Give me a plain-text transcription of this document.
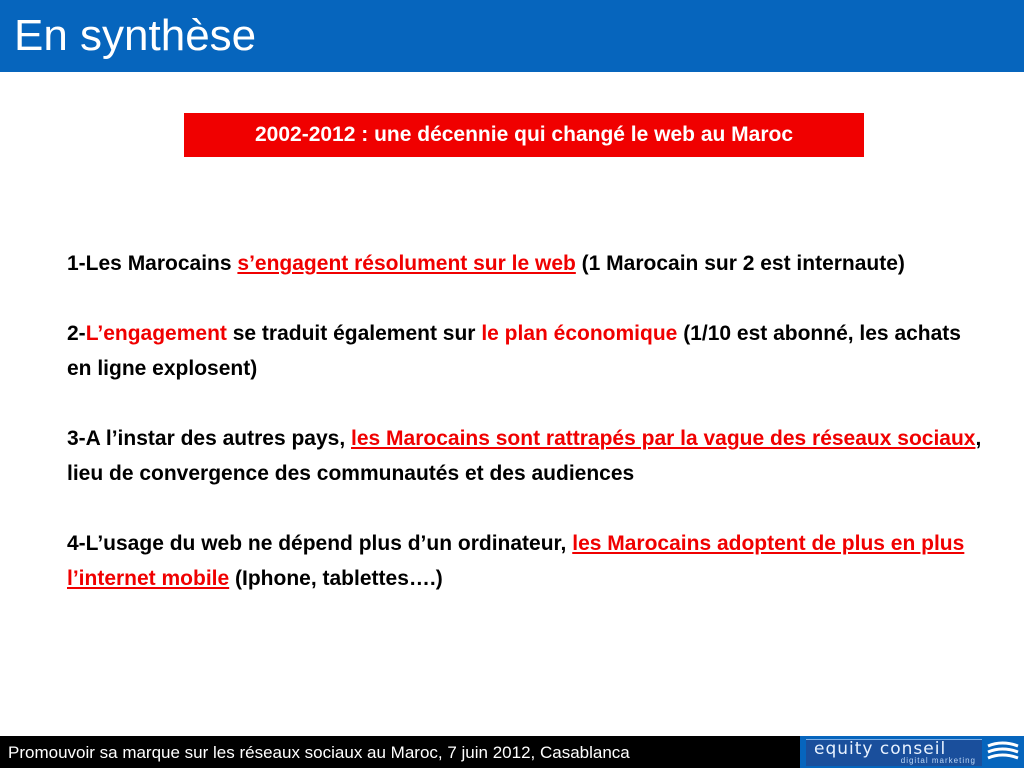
En synthèse
2002-2012 : une décennie qui changé le web au Maroc
1-Les Marocains s’engagent résolument sur le web (1 Marocain sur 2 est internaute)
2-L’engagement se traduit également sur le plan économique (1/10 est abonné, les achats en ligne explosent)
3-A l’instar des autres pays, les Marocains sont rattrapés par la vague des réseaux sociaux, lieu de convergence des communautés et des audiences
4-L’usage du web ne dépend plus d’un ordinateur, les Marocains adoptent de plus en plus l’internet mobile (Iphone, tablettes….)
Promouvoir sa marque sur les réseaux sociaux au Maroc, 7 juin 2012, Casablanca	equity conseil
digital marketing
